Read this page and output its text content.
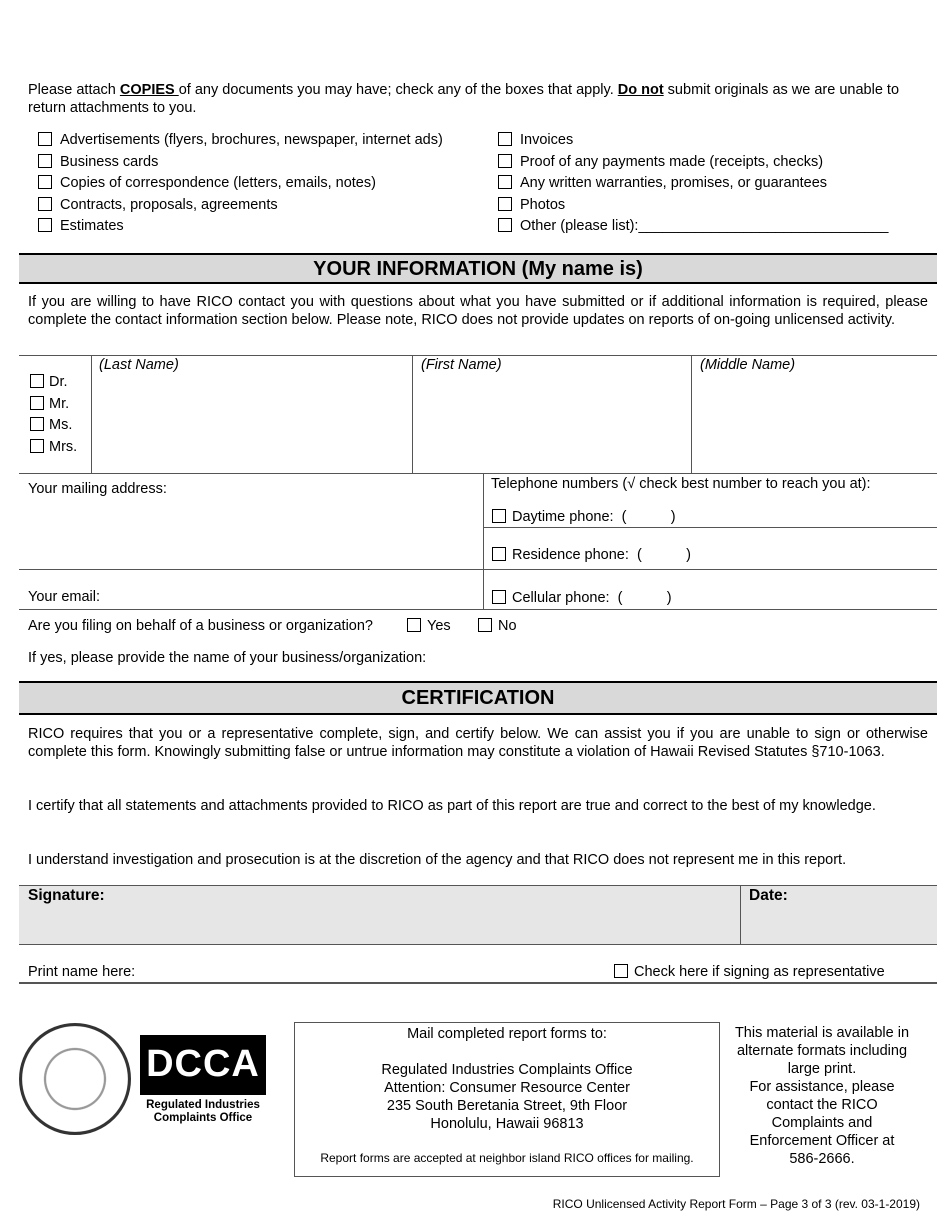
Please attach COPIES of any documents you may have; check any of the boxes that apply. Do not submit originals as we are unable to return attachments to you.
Advertisements (flyers, brochures, newspaper, internet ads)
Business cards
Copies of correspondence (letters, emails, notes)
Contracts, proposals, agreements
Estimates
Invoices
Proof of any payments made (receipts, checks)
Any written warranties, promises, or guarantees
Photos
Other (please list):_______________________________
YOUR INFORMATION (My name is)
If you are willing to have RICO contact you with questions about what you have submitted or if additional information is required, please complete the contact information section below. Please note, RICO does not provide updates on reports of on-going unlicensed activity.
Dr.
Mr.
Ms.
Mrs.
(Last Name)	(First Name)	(Middle Name)
Your mailing address:
Your email:
Telephone numbers (√ check best number to reach you at):
Daytime phone:  (           )
Residence phone:  (           )
Cellular phone:  (           )
Are you filing on behalf of a business or organization?	Yes	No
If yes, please provide the name of your business/organization:
CERTIFICATION
RICO requires that you or a representative complete, sign, and certify below. We can assist you if you are unable to sign or otherwise complete this form. Knowingly submitting false or untrue information may constitute a violation of Hawaii Revised Statutes §710-1063.
I certify that all statements and attachments provided to RICO as part of this report are true and correct to the best of my knowledge.
I understand investigation and prosecution is at the discretion of the agency and that RICO does not represent me in this report.
Signature:	Date:
Print name here:	Check here if signing as representative
DCCA
Department of Commerce and Consumer Affairs
Regulated Industries Complaints Office
Mail completed report forms to:
Regulated Industries Complaints Office
Attention: Consumer Resource Center
235 South Beretania Street, 9th Floor
Honolulu, Hawaii 96813
Report forms are accepted at neighbor island RICO offices for mailing.
This material is available in
alternate formats including
large print.
For assistance, please
contact the RICO
Complaints and
Enforcement Officer at
586-2666.
RICO Unlicensed Activity Report Form – Page 3 of 3 (rev. 03-1-2019)
